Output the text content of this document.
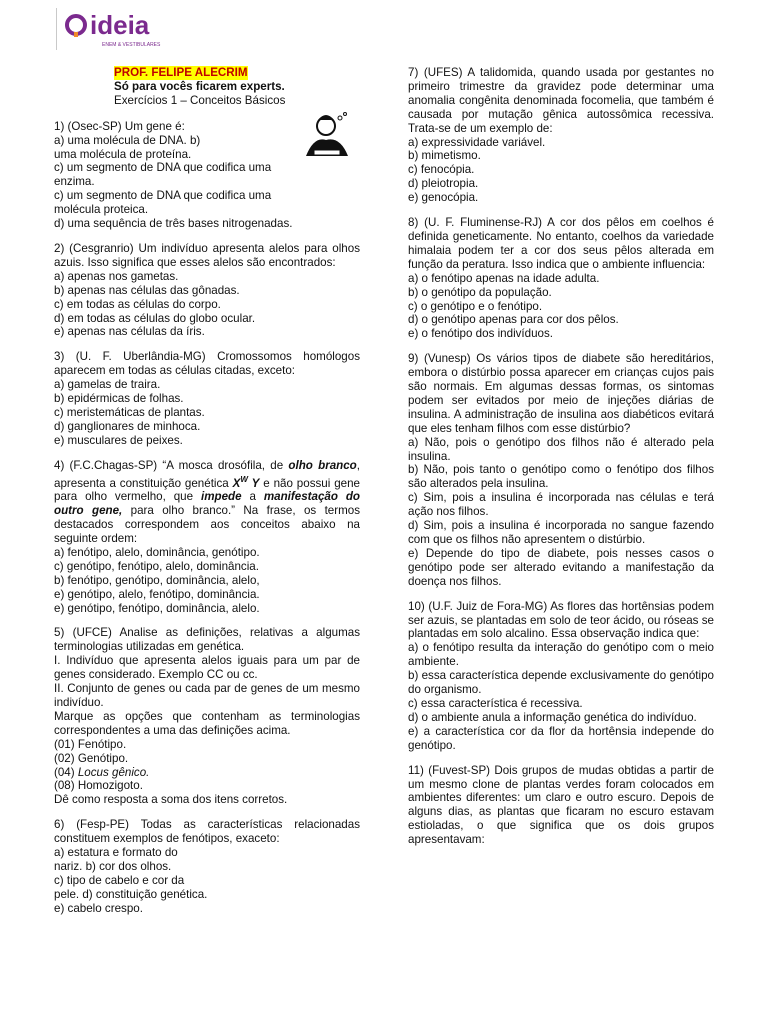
ideia
ENEM & VESTIBULARES
PROF. FELIPE ALECRIM
Só para vocês ficarem experts.
Exercícios 1 – Conceitos Básicos
1) (Osec-SP) Um gene é:
a) uma molécula de DNA. b)
uma molécula de proteína.
c) um segmento de DNA que codifica uma enzima.
c) um segmento de DNA que codifica uma
molécula proteica.
d) uma sequência de três bases nitrogenadas.
2) (Cesgranrio) Um indivíduo apresenta alelos para olhos azuis. Isso significa que esses alelos são encontrados:
a) apenas nos gametas.
b) apenas nas células das gônadas.
c) em todas as células do corpo.
d) em todas as células do globo ocular.
e) apenas nas células da íris.
3) (U. F. Uberlândia-MG) Cromossomos homólogos aparecem em todas as células citadas, exceto:
a) gamelas de traira.
b) epidérmicas de folhas.
c) meristemáticas de plantas.
d) ganglionares de minhoca.
e) musculares de peixes.
4) (F.C.Chagas-SP) “A mosca drosófila, de olho branco, apresenta a constituição genética $X^W$ Y e não possui gene para olho vermelho, que impede a manifestação do outro gene, para olho branco.” Na frase, os termos destacados correspondem aos conceitos abaixo na seguinte ordem:
a) fenótipo, alelo, dominância, genótipo.
c) genótipo, fenótipo, alelo, dominância.
b) fenótipo, genótipo, dominância, alelo,
e) genótipo, alelo, fenótipo, dominância.
e) genótipo, fenótipo, dominância, alelo.
5) (UFCE) Analise as definições, relativas a algumas terminologias utilizadas em genética.
I. Indivíduo que apresenta alelos iguais para um par de genes considerado. Exemplo CC ou cc.
II. Conjunto de genes ou cada par de genes de um mesmo indivíduo.
Marque as opções que contenham as terminologias correspondentes a uma das definições acima.
(01) Fenótipo.
(02) Genótipo.
(04) Locus gênico.
(08) Homozigoto.
Dê como resposta a soma dos itens corretos.
6) (Fesp-PE) Todas as características relacionadas constituem exemplos de fenótipos, exaceto:
a) estatura e formato do
nariz. b) cor dos olhos.
c) tipo de cabelo e cor da
pele. d) constituição genética.
e) cabelo crespo.
7) (UFES) A talidomida, quando usada por gestantes no primeiro trimestre da gravidez pode determinar uma anomalia congênita denominada focomelia, que também é causada por mutação gênica autossômica recessiva. Trata-se de um exemplo de:
a) expressividade variável.
b) mimetismo.
c) fenocópia.
d) pleiotropia.
e) genocópia.
8) (U. F. Fluminense-RJ) A cor dos pêlos em coelhos é definida geneticamente. No entanto, coelhos da variedade himalaia podem ter a cor dos seus pêlos alterada em função da peratura. Isso indica que o ambiente influencia:
a) o fenótipo apenas na idade adulta.
b) o genótipo da população.
c) o genótipo e o fenótipo.
d) o genótipo apenas para cor dos pêlos.
e) o fenótipo dos indivíduos.
9) (Vunesp) Os vários tipos de diabete são hereditários, embora o distúrbio possa aparecer em crianças cujos pais são normais. Em algumas dessas formas, os sintomas podem ser evitados por meio de injeções diárias de insulina. A administração de insulina aos diabéticos evitará que eles tenham filhos com esse distúrbio?
a) Não, pois o genótipo dos filhos não é alterado pela insulina.
b) Não, pois tanto o genótipo como o fenótipo dos filhos são alterados pela insulina.
c) Sim, pois a insulina é incorporada nas células e terá ação nos filhos.
d) Sim, pois a insulina é incorporada no sangue fazendo com que os filhos não apresentem o distúrbio.
e) Depende do tipo de diabete, pois nesses casos o genótipo pode ser alterado evitando a manifestação da doença nos filhos.
10) (U.F. Juiz de Fora-MG) As flores das hortênsias podem ser azuis, se plantadas em solo de teor ácido, ou róseas se plantadas em solo alcalino. Essa observação indica que:
a) o fenótipo resulta da interação do genótipo com o meio ambiente.
b) essa característica depende exclusivamente do genótipo do organismo.
c) essa característica é recessiva.
d) o ambiente anula a informação genética do indivíduo.
e) a característica cor da flor da hortênsia independe do genótipo.
11) (Fuvest-SP) Dois grupos de mudas obtidas a partir de um mesmo clone de plantas verdes foram colocados em ambientes diferentes: um claro e outro escuro. Depois de alguns dias, as plantas que ficaram no escuro estavam estioladas, o que significa que os dois grupos apresentavam:
